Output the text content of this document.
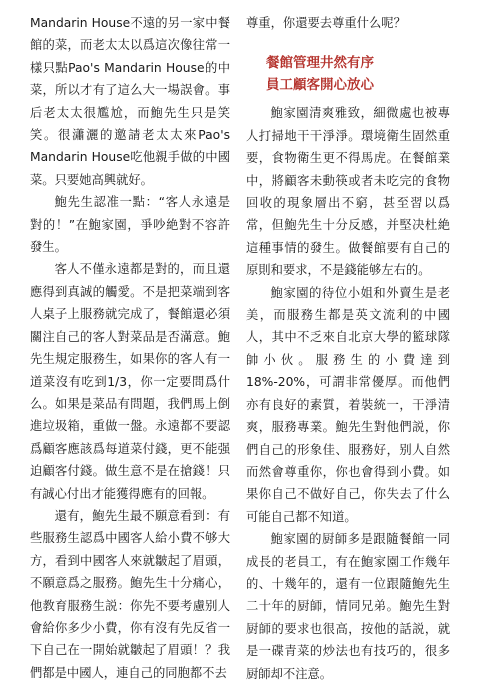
Mandarin House不遠的另一家中餐館的菜，而老太太以爲這次像往常一樣只點Pao's Mandarin House的中菜，所以才有了這么大一場誤會。事后老太太很尷尬，而鮑先生只是笑笑。很瀟灑的邀請老太太來Pao's Mandarin House吃他親手做的中國菜。只要她高興就好。

鮑先生認准一點：“客人永遠是對的！”在鮑家園，爭吵絶對不容許發生。

客人不僅永遠都是對的，而且還應得到真誠的觸愛。不是把菜端到客人桌子上服務就完成了，餐館還必須關注自己的客人對菜品是否滿意。鮑先生規定服務生，如果你的客人有一道菜沒有吃到1/3，你一定要問爲什么。如果是菜品有問題，我們馬上倒進垃圾箱，重做一盤。永遠都不要認爲顧客應該爲每道菜付錢，更不能强迫顧客付錢。做生意不是在搶錢！只有誠心付出才能獲得應有的回報。

還有，鮑先生最不願意看到：有些服務生認爲中國客人給小費不够大方，看到中國客人來就皺起了眉頭，不願意爲之服務。鮑先生十分痛心，他教育服務生説：你先不要考慮别人會給你多少小費，你有沒有先反省一下自己在一開始就皺起了眉頭！？我們都是中國人，連自己的同胞都不去

尊重，你還要去尊重什么呢？

餐館管理井然有序
員工顧客開心放心

鮑家園清爽雅致，細微處也被專人打掃地干干淨淨。環境衛生固然重要，食物衛生更不得馬虎。在餐館業中，將顧客未動筷或者未吃完的食物回收的現象層出不窮，甚至習以爲常，但鮑先生十分反感，并堅决杜絶這種事情的發生。做餐館要有自己的原則和要求，不是錢能够左右的。

鮑家園的待位小姐和外賣生是老美，而服務生都是英文流利的中國人，其中不乏來自北京大學的籃球隊帥小伙。服務生的小費達到18%-20%，可謂非常優厚。而他們亦有良好的素質，着裝統一，干淨清爽，服務專業。鮑先生對他們説，你們自己的形象佳、服務好，别人自然而然會尊重你，你也會得到小費。如果你自己不做好自己，你失去了什么可能自己都不知道。

鮑家園的厨師多是跟隨餐館一同成長的老員工，有在鮑家園工作幾年的、十幾年的，還有一位跟隨鮑先生二十年的厨師，情同兄弟。鮑先生對厨師的要求也很高，按他的話説，就是一碟青菜的炒法也有技巧的，很多厨師却不注意。
